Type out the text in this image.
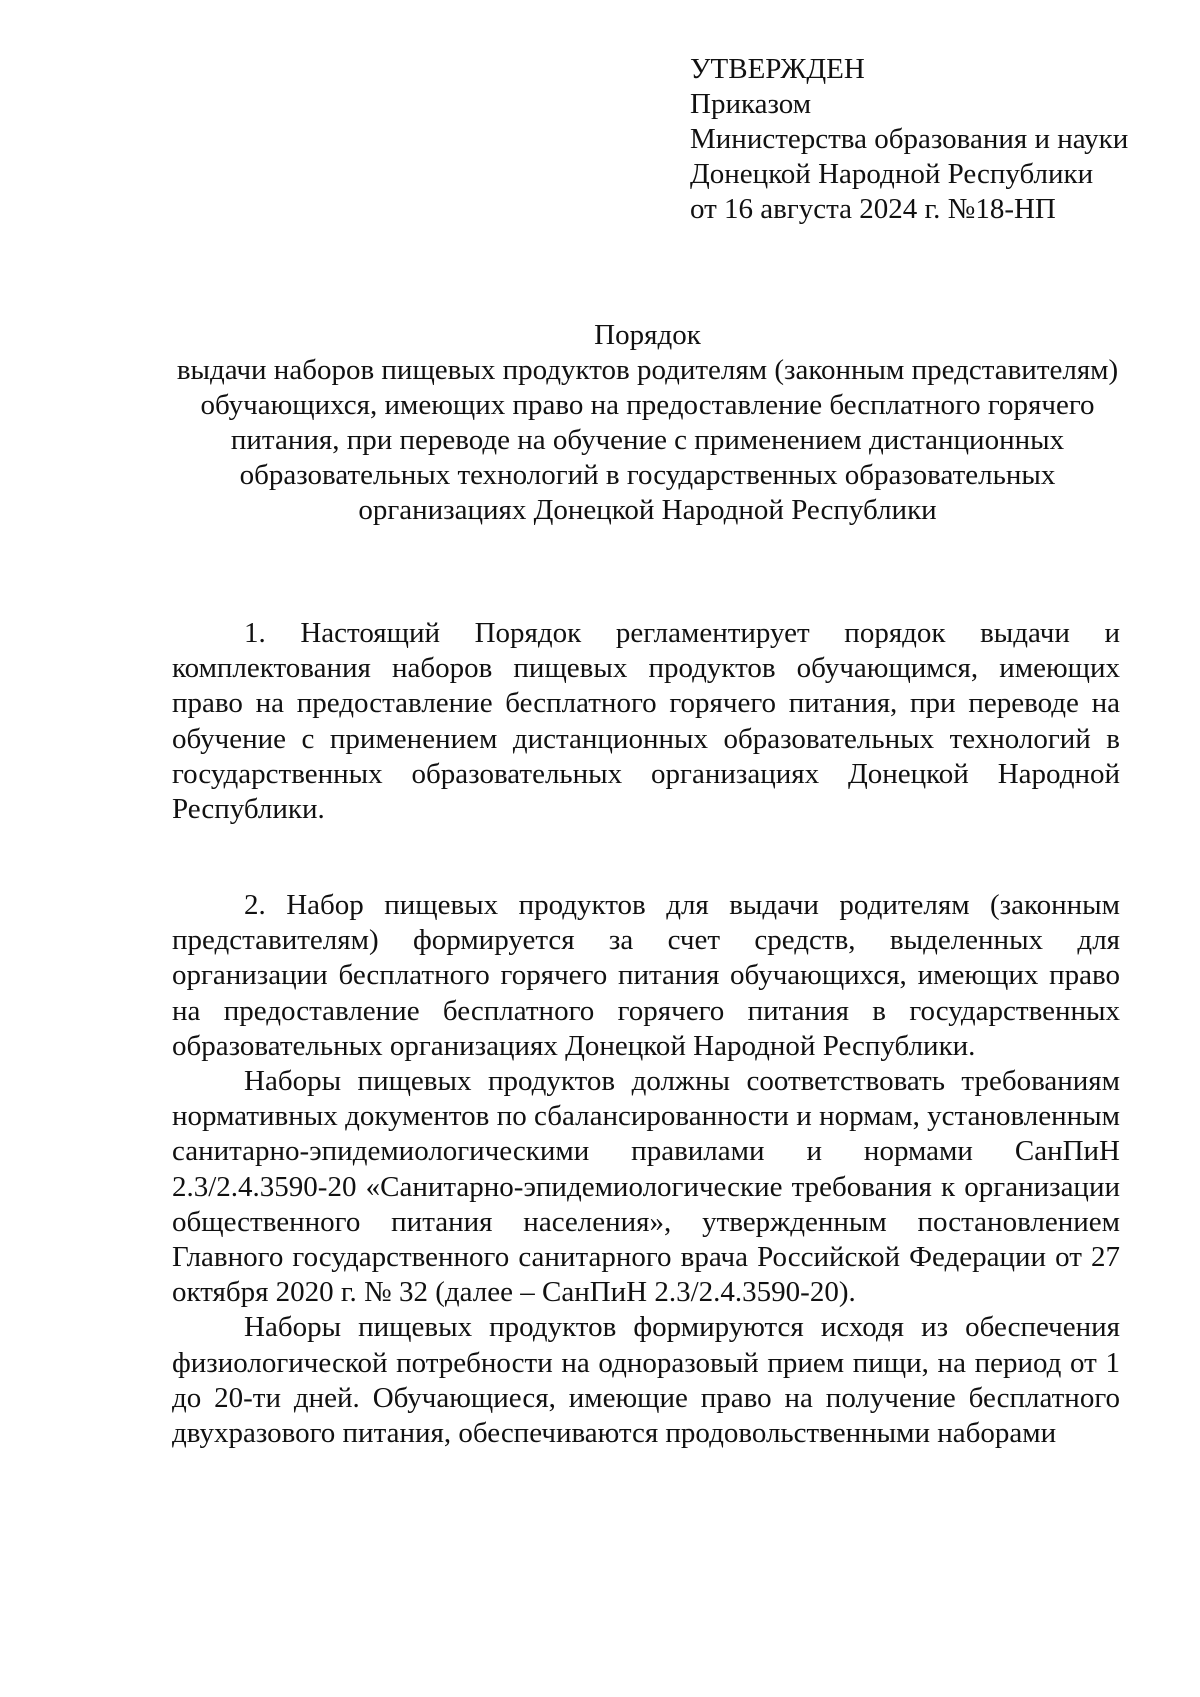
УТВЕРЖДЕН
Приказом
Министерства образования и науки
Донецкой Народной Республики
от 16 августа 2024 г. №18-НП
Порядок
выдачи наборов пищевых продуктов родителям (законным представителям)
обучающихся, имеющих право на предоставление бесплатного горячего
питания, при переводе на обучение с применением дистанционных
образовательных технологий в государственных образовательных
организациях Донецкой Народной Республики

1. Настоящий Порядок регламентирует порядок выдачи и комплектования наборов пищевых продуктов обучающимся, имеющих право на предоставление бесплатного горячего питания, при переводе на обучение с применением дистанционных образовательных технологий в государственных образовательных организациях Донецкой Народной Республики.

2. Набор пищевых продуктов для выдачи родителям (законным представителям) формируется за счет средств, выделенных для организации бесплатного горячего питания обучающихся, имеющих право на предоставление бесплатного горячего питания в государственных образовательных организациях Донецкой Народной Республики.

Наборы пищевых продуктов должны соответствовать требованиям нормативных документов по сбалансированности и нормам, установленным санитарно-эпидемиологическими правилами и нормами СанПиН 2.3/2.4.3590-20 «Санитарно-эпидемиологические требования к организации общественного питания населения», утвержденным постановлением Главного государственного санитарного врача Российской Федерации от 27 октября 2020 г. № 32 (далее – СанПиН 2.3/2.4.3590-20).

Наборы пищевых продуктов формируются исходя из обеспечения физиологической потребности на одноразовый прием пищи, на период от 1 до 20-ти дней. Обучающиеся, имеющие право на получение бесплатного двухразового питания, обеспечиваются продовольственными наборами
